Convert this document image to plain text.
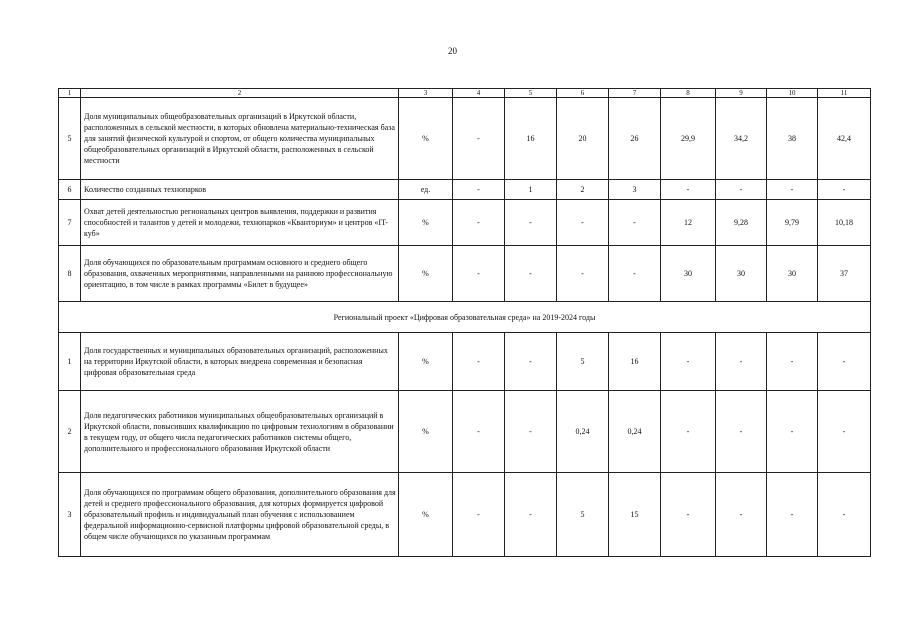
20
1	2	3	4	5	6	7	8	9	10	11
5	Доля муниципальных общеобразовательных организаций в Иркутской области, расположенных в сельской местности, в которых обновлена материально-техническая база для занятий физической культурой и спортом, от общего количества муниципальных общеобразовательных организаций в Иркутской области, расположенных в сельской местности	%	-	16	20	26	29,9	34,2	38	42,4
6	Количество созданных технопарков	ед.	-	1	2	3	-	-	-	-
7	Охват детей деятельностью региональных центров выявления, поддержки и развития способностей и талантов у детей и молодежи, технопарков «Кванториум» и центров «IT-куб»	%	-	-	-	-	12	9,28	9,79	10,18
8	Доля обучающихся по образовательным программам основного и среднего общего образования, охваченных мероприятиями, направленными на раннюю профессиональную ориентацию, в том числе в рамках программы «Билет в будущее»	%	-	-	-	-	30	30	30	37
Региональный проект «Цифровая образовательная среда» на 2019-2024 годы										
1	Доля государственных и муниципальных образовательных организаций, расположенных на территории Иркутской области, в которых внедрена современная и безопасная цифровая образовательная среда	%	-	-	5	16	-	-	-	-
2	Доля педагогических работников муниципальных общеобразовательных организаций в Иркутской области, повысивших квалификацию по цифровым технологиям в образовании в текущем году, от общего числа педагогических работников системы общего, дополнительного и профессионального образования Иркутской области	%	-	-	0,24	0,24	-	-	-	-
3	Доля обучающихся по программам общего образования, дополнительного образования для детей и среднего профессионального образования, для которых формируется цифровой образовательный профиль и индивидуальный план обучения с использованием федеральной информационно-сервисной платформы цифровой образовательной среды, в общем числе обучающихся по указанным программам	%	-	-	5	15	-	-	-	-
